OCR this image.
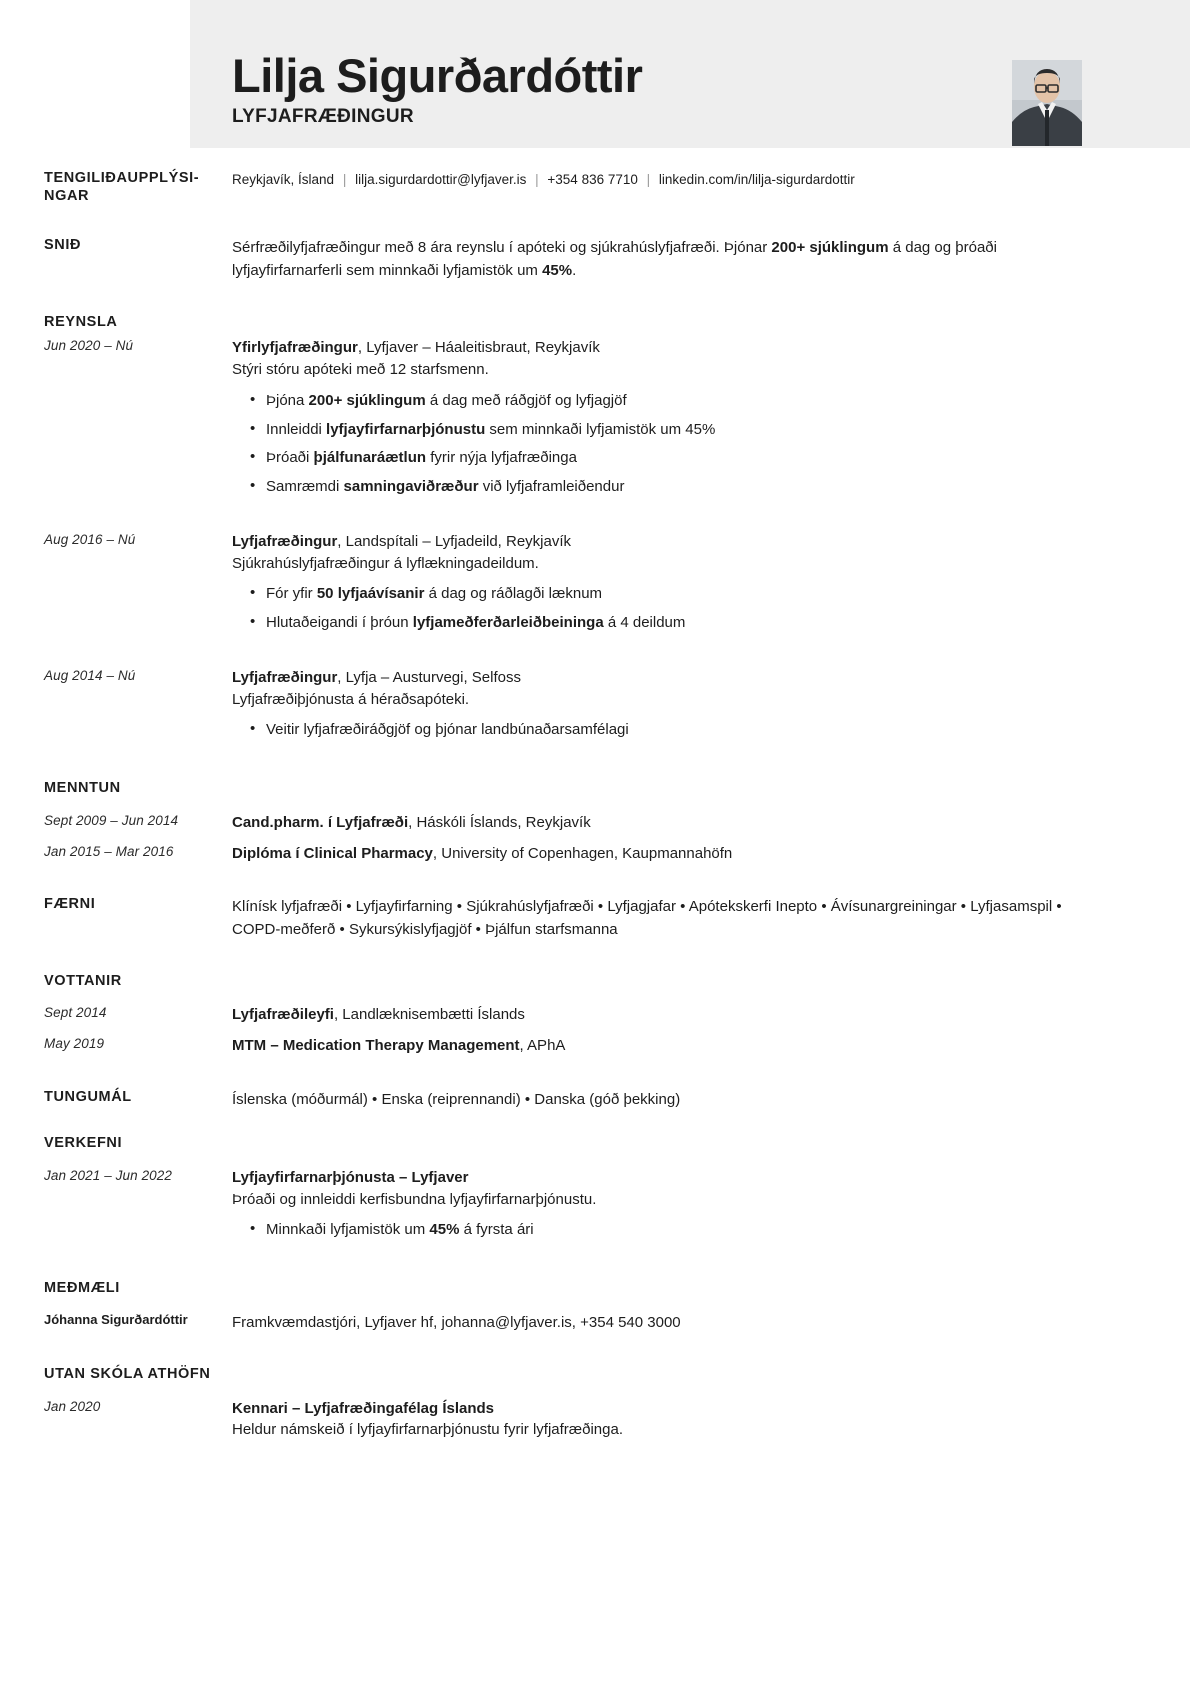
Lilja Sigurðardóttir
LYFJAFRÆÐINGUR
TENGILIÐAUPPLÝSI-NGAR
Reykjavík, Ísland | lilja.sigurdardottir@lyfjaver.is | +354 836 7710 | linkedin.com/in/lilja-sigurdardottir
SNIÐ	Sérfræðilyfjafræðingur með 8 ára reynslu í apóteki og sjúkrahúslyfjafræði. Þjónar 200+ sjúklingum á dag og þróaði lyfjayfirfarnarferli sem minnkaði lyfjamistök um 45%.
REYNSLA
Jun 2020 – Nú	Yfirlyfjafræðingur, Lyfjaver – Háaleitisbraut, Reykjavík
Stýri stóru apóteki með 12 starfsmenn.
• Þjóna 200+ sjúklingum á dag með ráðgjöf og lyfjagjöf
• Innleiddi lyfjayfirfarnarþjónustu sem minnkaði lyfjamistök um 45%
• Þróaði þjálfunaráætlun fyrir nýja lyfjafræðinga
• Samræmdi samningaviðræður við lyfjaframleiðendur
Aug 2016 – Nú	Lyfjafræðingur, Landspítali – Lyfjadeild, Reykjavík
Sjúkrahúslyfjafræðingur á lyflækningadeildum.
• Fór yfir 50 lyfjaávísanir á dag og ráðlagði læknum
• Hlutaðeigandi í þróun lyfjameðferðarleiðbeininga á 4 deildum
Aug 2014 – Nú	Lyfjafræðingur, Lyfja – Austurvegi, Selfoss
Lyfjafræðiþjónusta á héraðsapóteki.
• Veitir lyfjafræðiráðgjöf og þjónar landbúnaðarsamfélagi
MENNTUN
Sept 2009 – Jun 2014	Cand.pharm. í Lyfjafræði, Háskóli Íslands, Reykjavík
Jan 2015 – Mar 2016	Diplóma í Clinical Pharmacy, University of Copenhagen, Kaupmannahöfn
FÆRNI	Klínísk lyfjafræði • Lyfjayfirfarning • Sjúkrahúslyfjafræði • Lyfjagjafar • Apótekskerfi Inepto • Ávísunargreiningar • Lyfjasamspil • COPD-meðferð • Sykursýkislyfjagjöf • Þjálfun starfsmanna
VOTTANIR
Sept 2014	Lyfjafræðileyfi, Landlæknisembætti Íslands
May 2019	MTM – Medication Therapy Management, APhA
TUNGUMÁL	Íslenska (móðurmál) • Enska (reiprennandi) • Danska (góð þekking)
VERKEFNI
Jan 2021 – Jun 2022	Lyfjayfirfarnarþjónusta – Lyfjaver
Þróaði og innleiddi kerfisbundna lyfjayfirfarnarþjónustu.
• Minnkaði lyfjamistök um 45% á fyrsta ári
MEÐMÆLI
Jóhanna Sigurðardóttir	Framkvæmdastjóri, Lyfjaver hf, johanna@lyfjaver.is, +354 540 3000
UTAN SKÓLA ATHÖFN
Jan 2020	Kennari – Lyfjafræðingafélag Íslands
Heldur námskeið í lyfjayfirfarnarþjónustu fyrir lyfjafræðinga.
